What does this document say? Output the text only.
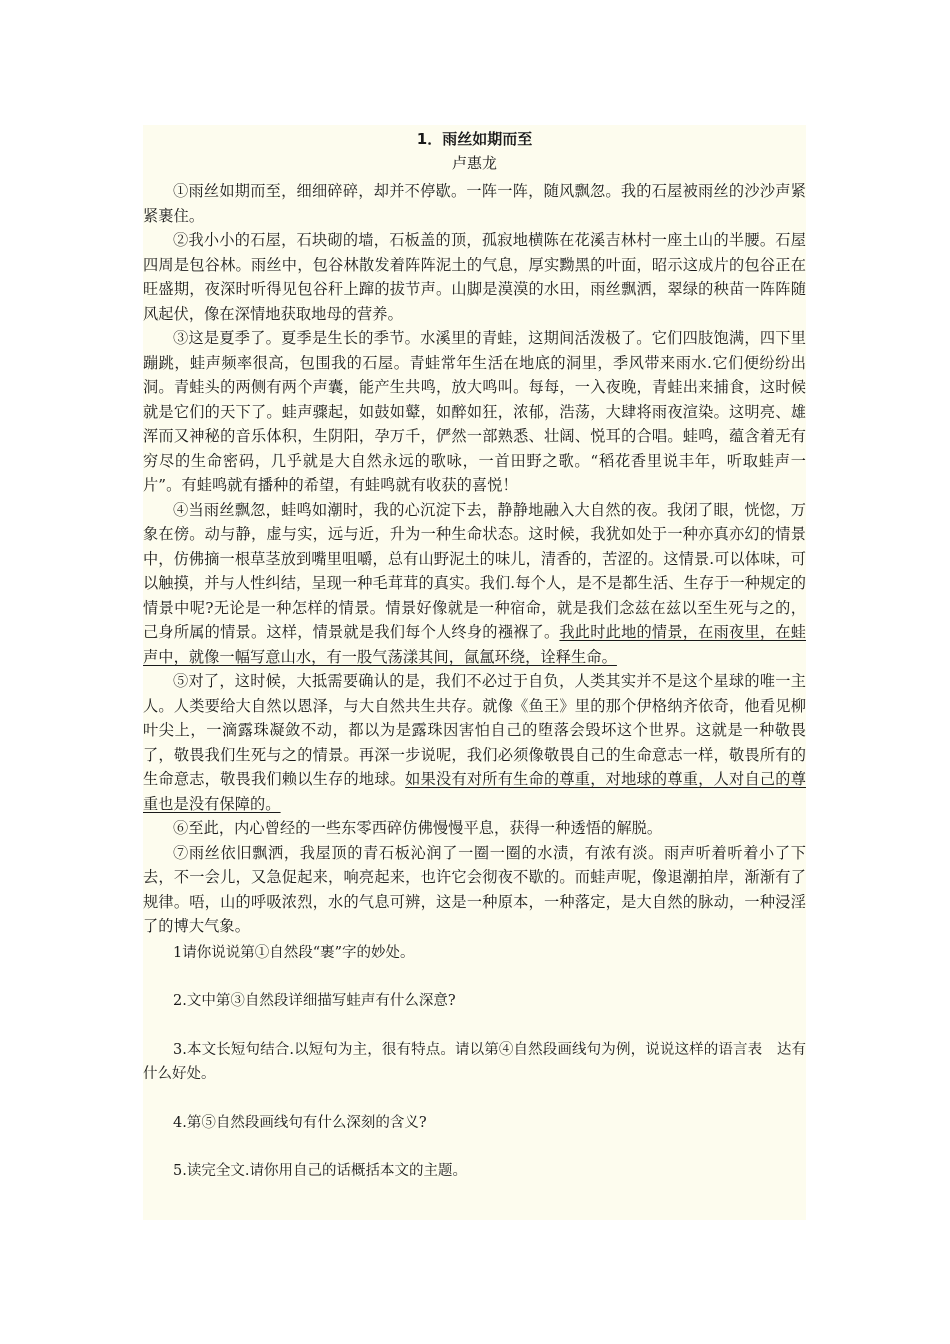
1．雨丝如期而至

卢惠龙

①雨丝如期而至，细细碎碎，却并不停歇。一阵一阵，随风飘忽。我的石屋被雨丝的沙沙声紧紧裹住。

②我小小的石屋，石块砌的墙，石板盖的顶，孤寂地横陈在花溪吉林村一座土山的半腰。石屋四周是包谷林。雨丝中，包谷林散发着阵阵泥土的气息，厚实黝黑的叶面，昭示这成片的包谷正在旺盛期，夜深时听得见包谷秆上蹿的拔节声。山脚是漠漠的水田，雨丝飘洒，翠绿的秧苗一阵阵随风起伏，像在深情地获取地母的营养。

③这是夏季了。夏季是生长的季节。水溪里的青蛙，这期间活泼极了。它们四肢饱满，四下里蹦跳，蛙声频率很高，包围我的石屋。青蛙常年生活在地底的洞里，季风带来雨水.它们便纷纷出洞。青蛙头的两侧有两个声囊，能产生共鸣，放大鸣叫。每每，一入夜晚，青蛙出来捕食，这时候就是它们的天下了。蛙声骤起，如鼓如鼙，如醉如狂，浓郁，浩荡，大肆将雨夜渲染。这明亮、雄浑而又神秘的音乐体积，生阴阳，孕万千，俨然一部熟悉、壮阔、悦耳的合唱。蛙鸣，蕴含着无有穷尽的生命密码，几乎就是大自然永远的歌咏，一首田野之歌。“稻花香里说丰年，听取蛙声一片”。有蛙鸣就有播种的希望，有蛙鸣就有收获的喜悦！

④当雨丝飘忽，蛙鸣如潮时，我的心沉淀下去，静静地融入大自然的夜。我闭了眼，恍惚，万象在傍。动与静，虚与实，远与近，升为一种生命状态。这时候，我犹如处于一种亦真亦幻的情景中，仿佛摘一根草茎放到嘴里咀嚼，总有山野泥土的味儿，清香的，苦涩的。这情景.可以体味，可以触摸，并与人性纠结，呈现一种毛茸茸的真实。我们.每个人，是不是都生活、生存于一种规定的情景中呢?无论是一种怎样的情景。情景好像就是一种宿命，就是我们念兹在兹以至生死与之的，己身所属的情景。这样，情景就是我们每个人终身的襁褓了。我此时此地的情景，在雨夜里，在蛙声中，就像一幅写意山水，有一股气荡漾其间，氤氲环绕，诠释生命。

⑤对了，这时候，大抵需要确认的是，我们不必过于自负，人类其实并不是这个星球的唯一主人。人类要给大自然以恩泽，与大自然共生共存。就像《鱼王》里的那个伊格纳齐依奇，他看见柳叶尖上，一滴露珠凝敛不动，都以为是露珠因害怕自己的堕落会毁坏这个世界。这就是一种敬畏了，敬畏我们生死与之的情景。再深一步说呢，我们必须像敬畏自己的生命意志一样，敬畏所有的生命意志，敬畏我们赖以生存的地球。如果没有对所有生命的尊重，对地球的尊重，人对自己的尊重也是没有保障的。

⑥至此，内心曾经的一些东零西碎仿佛慢慢平息，获得一种透悟的解脱。

⑦雨丝依旧飘洒，我屋顶的青石板沁润了一圈一圈的水渍，有浓有淡。雨声听着听着小了下去，不一会儿，又急促起来，响亮起来，也许它会彻夜不歇的。而蛙声呢，像退潮拍岸，渐渐有了规律。唔，山的呼吸浓烈，水的气息可辨，这是一种原本，一种落定，是大自然的脉动，一种浸淫了的博大气象。

1请你说说第①自然段“裹”字的妙处。

2.文中第③自然段详细描写蛙声有什么深意?

3.本文长短句结合.以短句为主，很有特点。请以第④自然段画线句为例，说说这样的语言表　达有什么好处。

4.第⑤自然段画线句有什么深刻的含义?

5.读完全文.请你用自己的话概括本文的主题。
